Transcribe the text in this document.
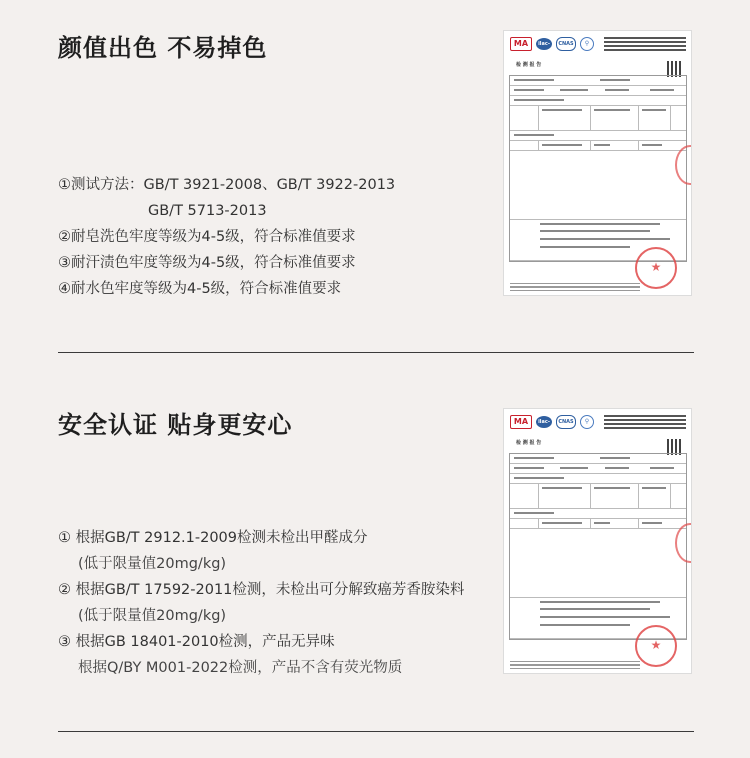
颜值出色 不易掉色
①测试方法：GB/T 3921-2008、GB/T 3922-2013
GB/T 5713-2013
②耐皂洗色牢度等级为4-5级，符合标准值要求
③耐汗渍色牢度等级为4-5级，符合标准值要求
④耐水色牢度等级为4-5级，符合标准值要求
MA	ilac-MRA
CNAS	⚲
检 测 报 告
★
安全认证 贴身更安心
① 根据GB/T 2912.1-2009检测未检出甲醛成分
(低于限量值20mg/kg)
② 根据GB/T 17592-2011检测，未检出可分解致癌芳香胺染料
(低于限量值20mg/kg)
③ 根据GB 18401-2010检测，产品无异味
根据Q/BY M001-2022检测，产品不含有荧光物质
MA	ilac-MRA
CNAS	⚲
检 测 报 告
★
